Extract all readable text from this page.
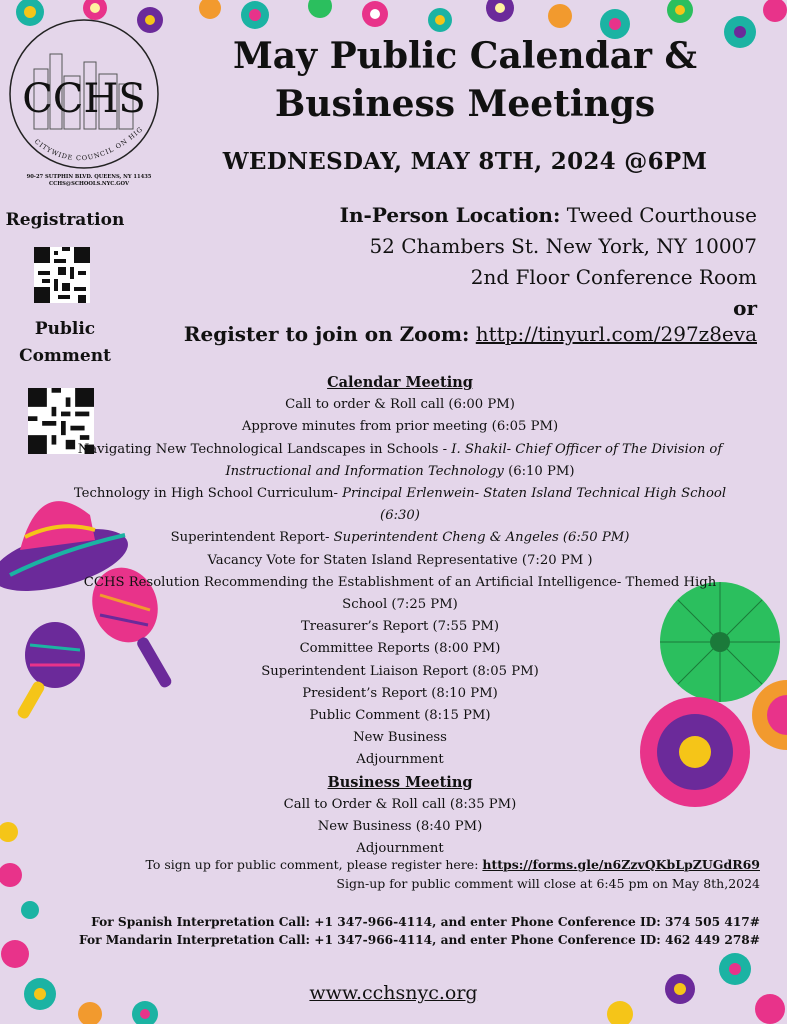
CCHS
CITYWIDE COUNCIL ON HIG
90-27 SUTPHIN BLVD. QUEENS, NY 11435
CCHS@SCHOOLS.NYC.GOV
May Public Calendar &
Business Meetings
WEDNESDAY, MAY 8TH, 2024 @6PM
Registration
Public
Comment
In-Person Location: Tweed Courthouse
52 Chambers St. New York, NY 10007
2nd Floor Conference Room
or
Register to join on Zoom: http://tinyurl.com/297z8eva
Calendar Meeting
Call to order & Roll call (6:00 PM)
Approve minutes from prior meeting (6:05 PM)
Navigating New Technological Landscapes in Schools - I. Shakil- Chief Officer of The Division of
Instructional and Information Technology (6:10 PM)
Technology in High School Curriculum- Principal Erlenwein- Staten Island Technical High School (6:30)
Superintendent Report- Superintendent Cheng & Angeles (6:50 PM)
Vacancy Vote for Staten Island Representative (7:20 PM )
CCHS Resolution Recommending the Establishment of an Artificial Intelligence- Themed High
School (7:25 PM)
Treasurer’s Report (7:55 PM)
Committee Reports (8:00 PM)
Superintendent Liaison Report (8:05 PM)
President’s Report (8:10 PM)
Public Comment (8:15 PM)
New Business
Adjournment
Business Meeting
Call to Order & Roll call (8:35 PM)
New Business (8:40 PM)
Adjournment
To sign up for public comment, please register here: https://forms.gle/n6ZzvQKbLpZUGdR69
Sign-up for public comment will close at 6:45 pm on May 8th,2024
For Spanish Interpretation Call: +1 347-966-4114, and enter Phone Conference ID: 374 505 417#
For Mandarin Interpretation Call: +1 347-966-4114, and enter Phone Conference ID: 462 449 278#
www.cchsnyc.org
